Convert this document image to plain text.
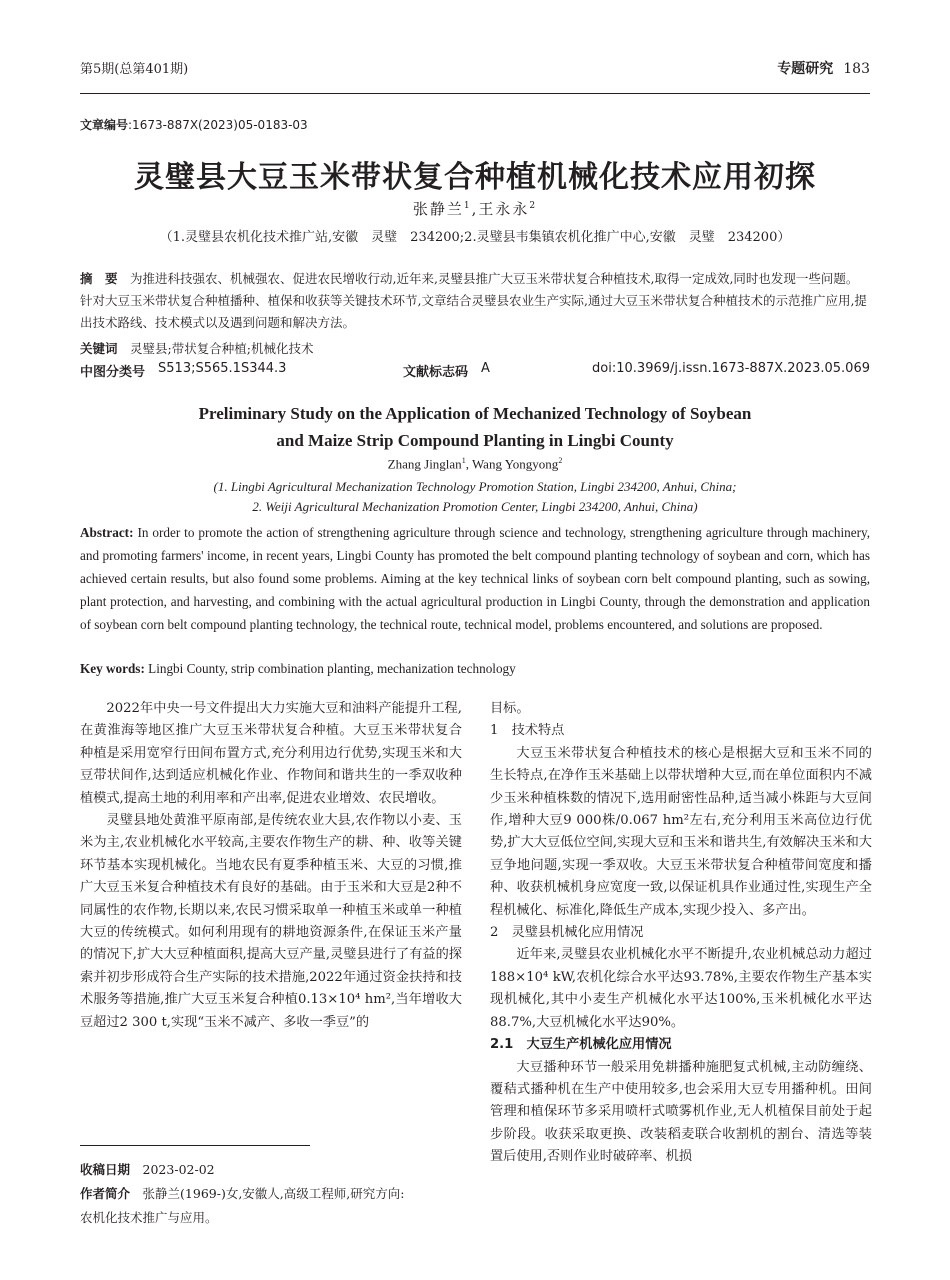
第5期(总第401期)	专题研究 183
文章编号:1673-887X(2023)05-0183-03
灵璧县大豆玉米带状复合种植机械化技术应用初探
张静兰$^1$,王永永$^2$
（1.灵璧县农机化技术推广站,安徽　灵璧　234200;2.灵璧县韦集镇农机化推广中心,安徽　灵璧　234200）
摘　要　 为推进科技强农、机械强农、促进农民增收行动,近年来,灵璧县推广大豆玉米带状复合种植技术,取得一定成效,同时也发现一些问题。针对大豆玉米带状复合种植播种、植保和收获等关键技术环节,文章结合灵璧县农业生产实际,通过大豆玉米带状复合种植技术的示范推广应用,提出技术路线、技术模式以及遇到问题和解决方法。
关键词　 灵璧县;带状复合种植;机械化技术
中图分类号　 S513;S565.1S344.3	文献标志码　 A	doi:10.3969/j.issn.1673-887X.2023.05.069
Preliminary Study on the Application of Mechanized Technology of Soybean
and Maize Strip Compound Planting in Lingbi County
Zhang Jinglan$^1$, Wang Yongyong$^2$
(1. Lingbi Agricultural Mechanization Technology Promotion Station, Lingbi 234200, Anhui, China;
2. Weiji Agricultural Mechanization Promotion Center, Lingbi 234200, Anhui, China)
Abstract: In order to promote the action of strengthening agriculture through science and technology, strengthening agriculture through machinery, and promoting farmers' income, in recent years, Lingbi County has promoted the belt compound planting technology of soybean and corn, which has achieved certain results, but also found some problems. Aiming at the key technical links of soybean corn belt compound planting, such as sowing, plant protection, and harvesting, and combining with the actual agricultural production in Lingbi County, through the demonstration and application of soybean corn belt compound planting technology, the technical route, technical model, problems encountered, and solutions are proposed.
Key words: Lingbi County, strip combination planting, mechanization technology

2022年中央一号文件提出大力实施大豆和油料产能提升工程,在黄淮海等地区推广大豆玉米带状复合种植。大豆玉米带状复合种植是采用宽窄行田间布置方式,充分利用边行优势,实现玉米和大豆带状间作,达到适应机械化作业、作物间和谐共生的一季双收种植模式,提高土地的利用率和产出率,促进农业增效、农民增收。

灵璧县地处黄淮平原南部,是传统农业大县,农作物以小麦、玉米为主,农业机械化水平较高,主要农作物生产的耕、种、收等关键环节基本实现机械化。当地农民有夏季种植玉米、大豆的习惯,推广大豆玉米复合种植技术有良好的基础。由于玉米和大豆是2种不同属性的农作物,长期以来,农民习惯采取单一种植玉米或单一种植大豆的传统模式。如何利用现有的耕地资源条件,在保证玉米产量的情况下,扩大大豆种植面积,提高大豆产量,灵璧县进行了有益的探索并初步形成符合生产实际的技术措施,2022年通过资金扶持和技术服务等措施,推广大豆玉米复合种植0.13×10⁴ hm²,当年增收大豆超过2 300 t,实现“玉米不减产、多收一季豆”的

目标。

1　技术特点

大豆玉米带状复合种植技术的核心是根据大豆和玉米不同的生长特点,在净作玉米基础上以带状增种大豆,而在单位面积内不减少玉米种植株数的情况下,选用耐密性品种,适当减小株距与大豆间作,增种大豆9 000株/0.067 hm²左右,充分利用玉米高位边行优势,扩大大豆低位空间,实现大豆和玉米和谐共生,有效解决玉米和大豆争地问题,实现一季双收。大豆玉米带状复合种植带间宽度和播种、收获机械机身应宽度一致,以保证机具作业通过性,实现生产全程机械化、标准化,降低生产成本,实现少投入、多产出。

2　灵璧县机械化应用情况

近年来,灵璧县农业机械化水平不断提升,农业机械总动力超过188×10⁴ kW,农机化综合水平达93.78%,主要农作物生产基本实现机械化,其中小麦生产机械化水平达100%,玉米机械化水平达88.7%,大豆机械化水平达90%。

2.1　大豆生产机械化应用情况

大豆播种环节一般采用免耕播种施肥复式机械,主动防缠绕、覆秸式播种机在生产中使用较多,也会采用大豆专用播种机。田间管理和植保环节多采用喷杆式喷雾机作业,无人机植保目前处于起步阶段。收获采取更换、改装稻麦联合收割机的割台、清选等装置后使用,否则作业时破碎率、机损

收稿日期　 2023-02-02
作者简介　 张静兰(1969-)女,安徽人,高级工程师,研究方向:
农机化技术推广与应用。
